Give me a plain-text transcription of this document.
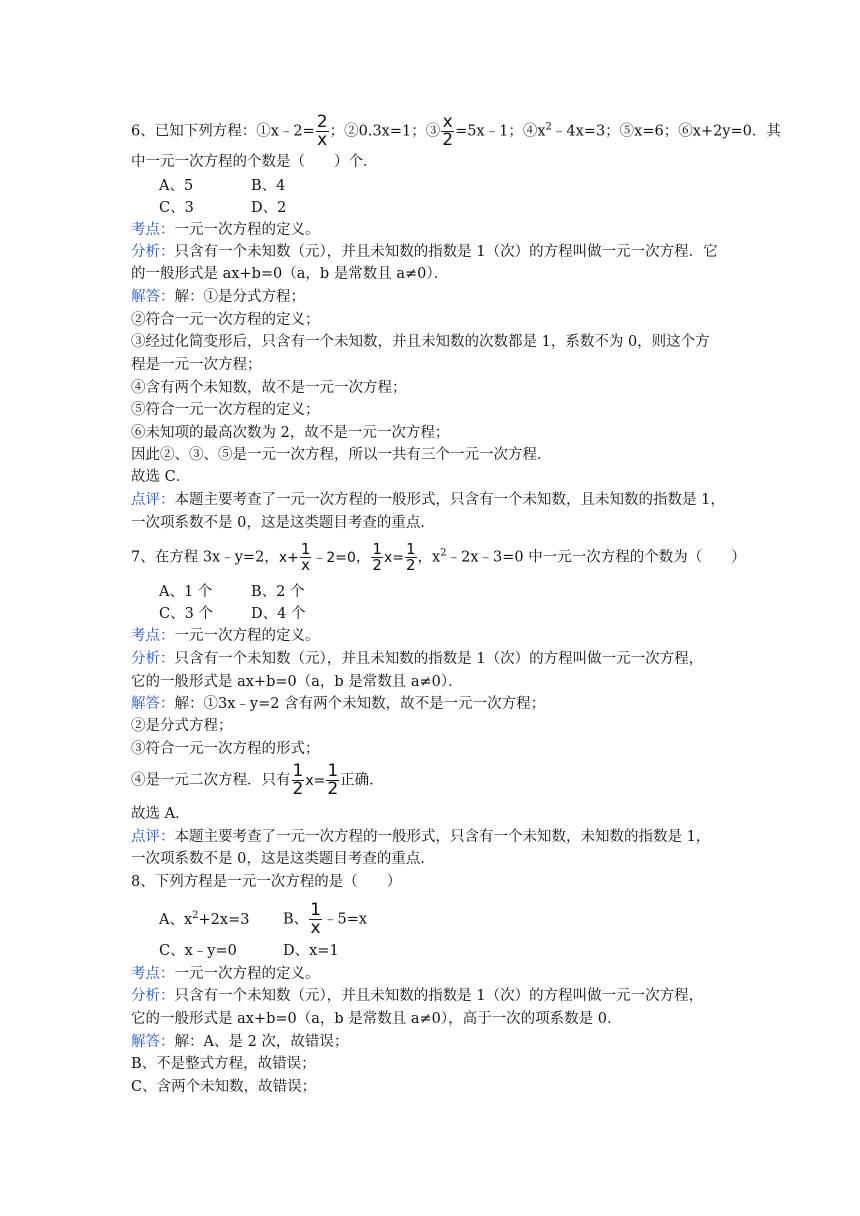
6、已知下列方程：①x﹣2= $\frac{2}{x}$ ；②0.3x=1；③ $\frac{x}{2}$ =5x﹣1；$④x^2﹣4x=3$；⑤x=6；⑥x+2y=0．其
中一元一次方程的个数是（　　）个．
A、5	B、4
C、3	D、2
考点：一元一次方程的定义。
分析：只含有一个未知数（元），并且未知数的指数是 1（次）的方程叫做一元一次方程．它
的一般形式是 ax+b=0（a，b 是常数且 a≠0）．
解答：解：①是分式方程；
②符合一元一次方程的定义；
③经过化简变形后，只含有一个未知数，并且未知数的次数都是 1，系数不为 0，则这个方
程是一元一次方程；
④含有两个未知数，故不是一元一次方程；
⑤符合一元一次方程的定义；
⑥未知项的最高次数为 2，故不是一元一次方程；
因此②、③、⑤是一元一次方程，所以一共有三个一元一次方程．
故选 C．
点评：本题主要考查了一元一次方程的一般形式，只含有一个未知数，且未知数的指数是 1，
一次项系数不是 0，这是这类题目考查的重点．
7、在方程 3x﹣y=2，$x+ \frac{1}{x}$ ﹣2=0， $\frac{1}{2} x= \frac{1}{2}$ ，$x^2﹣2x﹣3=0$ 中一元一次方程的个数为（　　）
A、1 个	B、2 个
C、3 个	D、4 个
考点：一元一次方程的定义。
分析：只含有一个未知数（元），并且未知数的指数是 1（次）的方程叫做一元一次方程，
它的一般形式是 ax+b=0（a，b 是常数且 a≠0）．
解答：解：①3x﹣y=2 含有两个未知数，故不是一元一次方程；
②是分式方程；
③符合一元一次方程的形式；
④是一元二次方程．只有 $\frac{1}{2} x= \frac{1}{2}$ 正确．
故选 A．
点评：本题主要考查了一元一次方程的一般形式，只含有一个未知数，未知数的指数是 1，
一次项系数不是 0，这是这类题目考查的重点．
8、下列方程是一元一次方程的是（　　）
A、$x^2+2x=3$ B、 $\frac{1}{x}$ ﹣5=x
C、x﹣y=0	D、x=1
考点：一元一次方程的定义。
分析：只含有一个未知数（元），并且未知数的指数是 1（次）的方程叫做一元一次方程，
它的一般形式是 ax+b=0（a，b 是常数且 a≠0），高于一次的项系数是 0．
解答：解：A、是 2 次，故错误；
B、不是整式方程，故错误；
C、含两个未知数，故错误；
